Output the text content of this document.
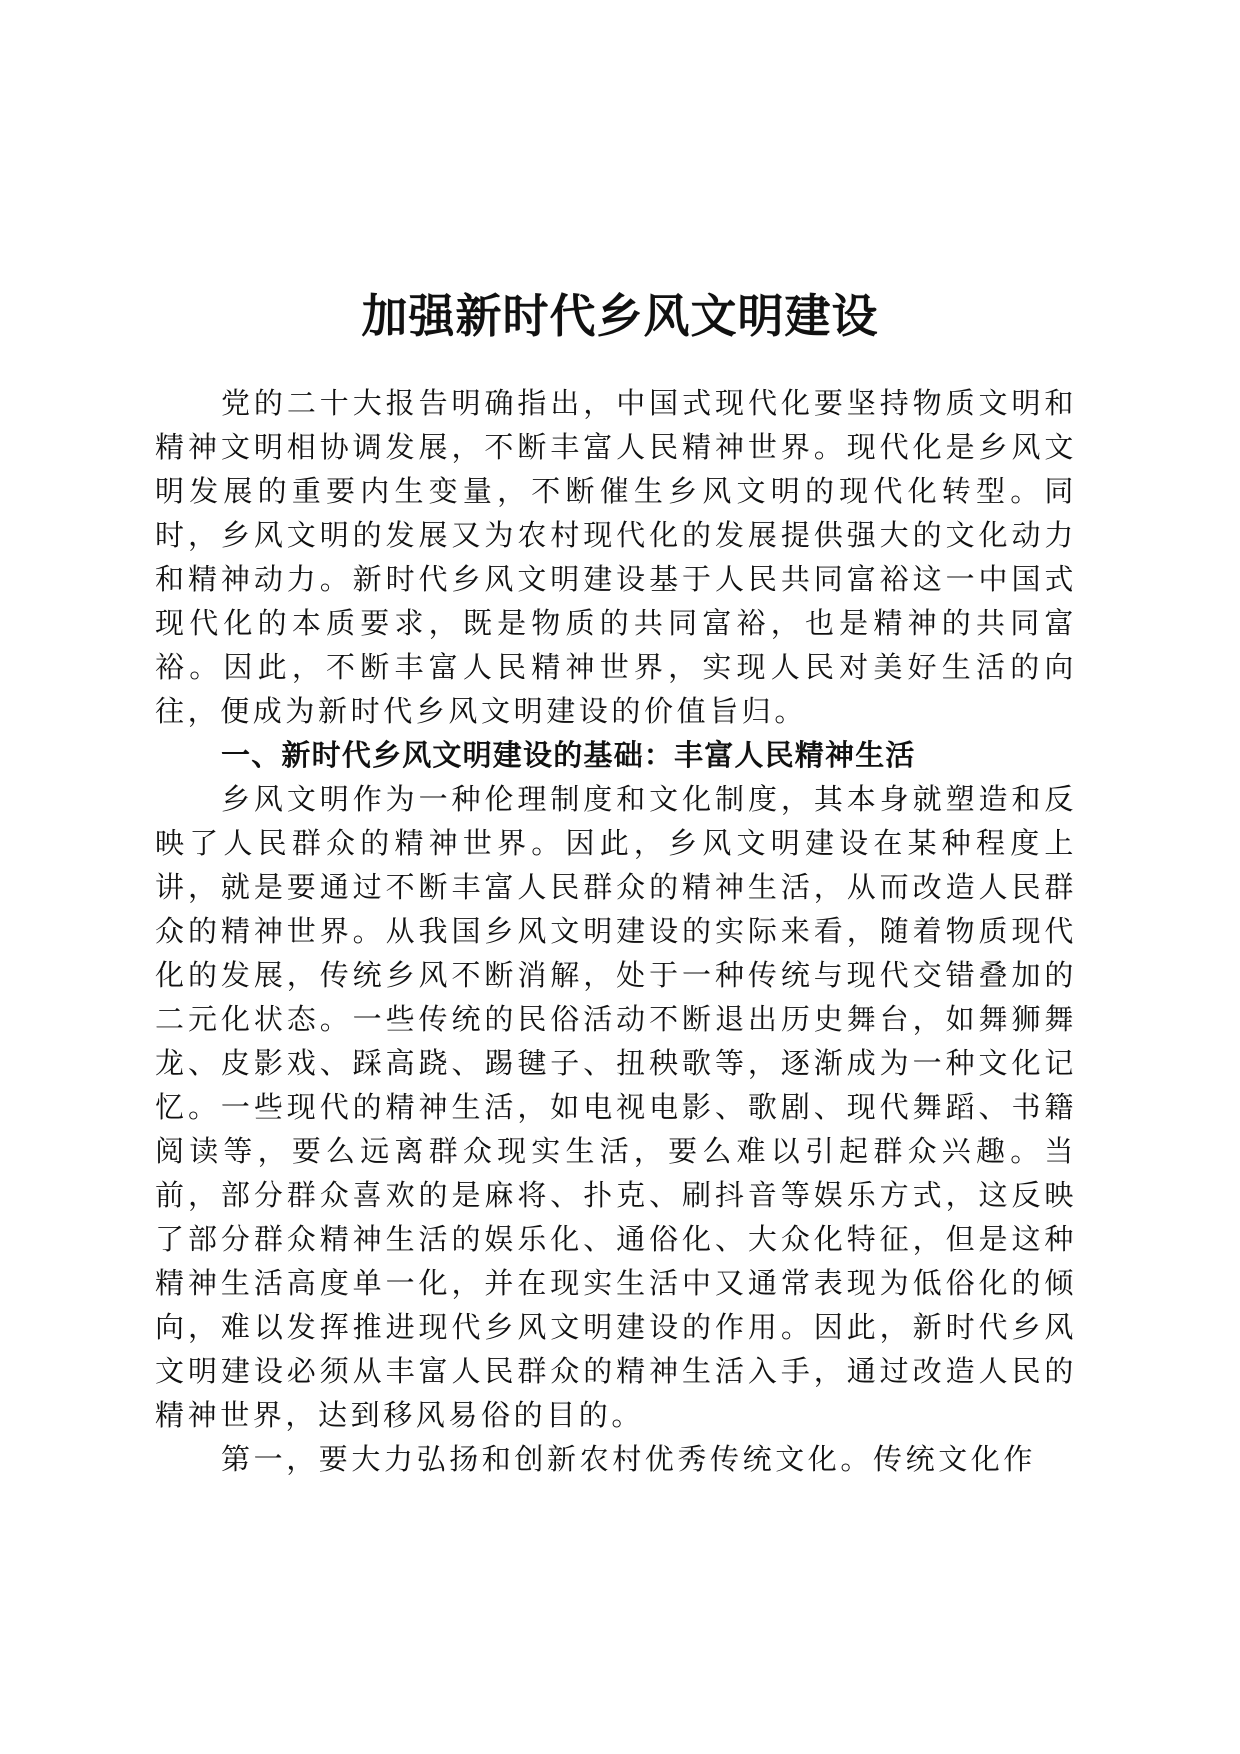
加强新时代乡风文明建设

党的二十大报告明确指出，中国式现代化要坚持物质文明和精神文明相协调发展，不断丰富人民精神世界。现代化是乡风文明发展的重要内生变量，不断催生乡风文明的现代化转型。同时，乡风文明的发展又为农村现代化的发展提供强大的文化动力和精神动力。新时代乡风文明建设基于人民共同富裕这一中国式现代化的本质要求，既是物质的共同富裕，也是精神的共同富裕。因此，不断丰富人民精神世界，实现人民对美好生活的向往，便成为新时代乡风文明建设的价值旨归。

一、新时代乡风文明建设的基础：丰富人民精神生活

乡风文明作为一种伦理制度和文化制度，其本身就塑造和反映了人民群众的精神世界。因此，乡风文明建设在某种程度上讲，就是要通过不断丰富人民群众的精神生活，从而改造人民群众的精神世界。从我国乡风文明建设的实际来看，随着物质现代化的发展，传统乡风不断消解，处于一种传统与现代交错叠加的二元化状态。一些传统的民俗活动不断退出历史舞台，如舞狮舞龙、皮影戏、踩高跷、踢毽子、扭秧歌等，逐渐成为一种文化记忆。一些现代的精神生活，如电视电影、歌剧、现代舞蹈、书籍阅读等，要么远离群众现实生活，要么难以引起群众兴趣。当前，部分群众喜欢的是麻将、扑克、刷抖音等娱乐方式，这反映了部分群众精神生活的娱乐化、通俗化、大众化特征，但是这种精神生活高度单一化，并在现实生活中又通常表现为低俗化的倾向，难以发挥推进现代乡风文明建设的作用。因此，新时代乡风文明建设必须从丰富人民群众的精神生活入手，通过改造人民的精神世界，达到移风易俗的目的。

第一，要大力弘扬和创新农村优秀传统文化。传统文化作
